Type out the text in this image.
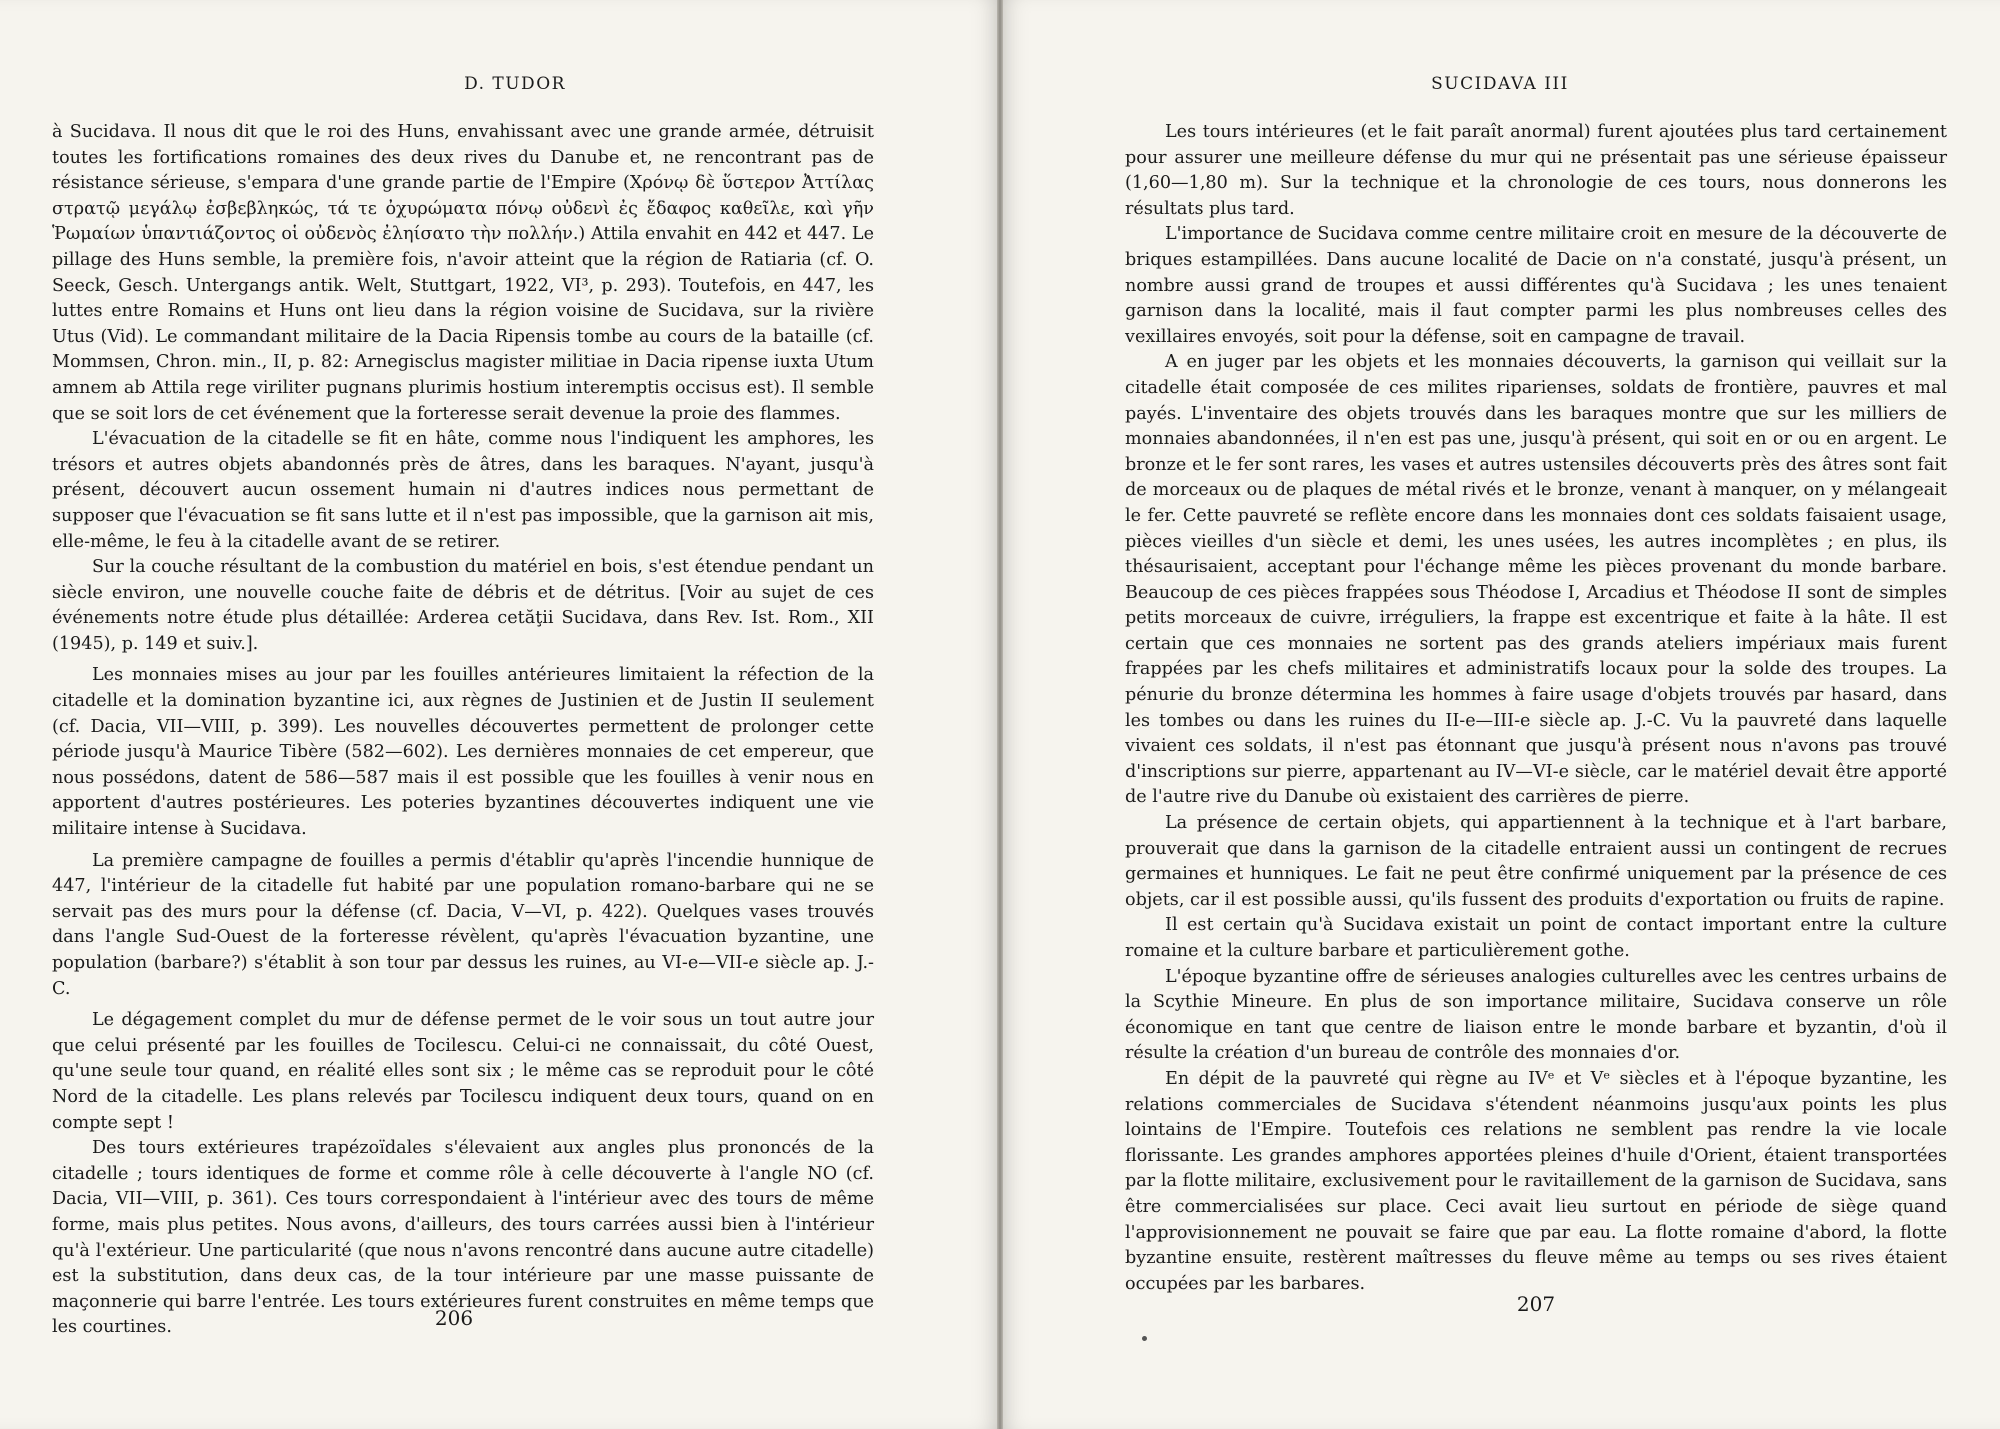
D. TUDOR

à Sucidava. Il nous dit que le roi des Huns, envahissant avec une grande armée, détruisit toutes les fortifications romaines des deux rives du Danube et, ne rencontrant pas de résistance sérieuse, s'empara d'une grande partie de l'Empire (Χρόνῳ δὲ ὕστερον Ἀττίλας στρατῷ μεγάλῳ ἐσβεβληκώς, τά τε ὀχυρώματα πόνῳ οὐδενὶ ἐς ἔδαφος καθεῖλε, καὶ γῆν Ῥωμαίων ὑπαντιάζοντος οἱ οὐδενὸς ἐληίσατο τὴν πολλήν.) Attila envahit en 442 et 447. Le pillage des Huns semble, la première fois, n'avoir atteint que la région de Ratiaria (cf. O. Seeck, Gesch. Untergangs antik. Welt, Stuttgart, 1922, VI³, p. 293). Toutefois, en 447, les luttes entre Romains et Huns ont lieu dans la région voisine de Sucidava, sur la rivière Utus (Vid). Le commandant militaire de la Dacia Ripensis tombe au cours de la bataille (cf. Mommsen, Chron. min., II, p. 82: Arnegisclus magister militiae in Dacia ripense iuxta Utum amnem ab Attila rege viriliter pugnans plurimis hostium interemptis occisus est). Il semble que se soit lors de cet événement que la forteresse serait devenue la proie des flammes.

L'évacuation de la citadelle se fit en hâte, comme nous l'indiquent les amphores, les trésors et autres objets abandonnés près de âtres, dans les baraques. N'ayant, jusqu'à présent, découvert aucun ossement humain ni d'autres indices nous permettant de supposer que l'évacuation se fit sans lutte et il n'est pas impossible, que la garnison ait mis, elle-même, le feu à la citadelle avant de se retirer.

Sur la couche résultant de la combustion du matériel en bois, s'est étendue pendant un siècle environ, une nouvelle couche faite de débris et de détritus. [Voir au sujet de ces événements notre étude plus détaillée: Arderea cetăţii Sucidava, dans Rev. Ist. Rom., XII (1945), p. 149 et suiv.].

Les monnaies mises au jour par les fouilles antérieures limitaient la réfection de la citadelle et la domination byzantine ici, aux règnes de Justinien et de Justin II seulement (cf. Dacia, VII—VIII, p. 399). Les nouvelles découvertes permettent de prolonger cette période jusqu'à Maurice Tibère (582—602). Les dernières monnaies de cet empereur, que nous possédons, datent de 586—587 mais il est possible que les fouilles à venir nous en apportent d'autres postérieures. Les poteries byzantines découvertes indiquent une vie militaire intense à Sucidava.

La première campagne de fouilles a permis d'établir qu'après l'incendie hunnique de 447, l'intérieur de la citadelle fut habité par une population romano-barbare qui ne se servait pas des murs pour la défense (cf. Dacia, V—VI, p. 422). Quelques vases trouvés dans l'angle Sud-Ouest de la forteresse révèlent, qu'après l'évacuation byzantine, une population (barbare?) s'établit à son tour par dessus les ruines, au VI-e—VII-e siècle ap. J.-C.

Le dégagement complet du mur de défense permet de le voir sous un tout autre jour que celui présenté par les fouilles de Tocilescu. Celui-ci ne connaissait, du côté Ouest, qu'une seule tour quand, en réalité elles sont six ; le même cas se reproduit pour le côté Nord de la citadelle. Les plans relevés par Tocilescu indiquent deux tours, quand on en compte sept !

Des tours extérieures trapézoïdales s'élevaient aux angles plus prononcés de la citadelle ; tours identiques de forme et comme rôle à celle découverte à l'angle NO (cf. Dacia, VII—VIII, p. 361). Ces tours correspondaient à l'intérieur avec des tours de même forme, mais plus petites. Nous avons, d'ailleurs, des tours carrées aussi bien à l'intérieur qu'à l'extérieur. Une particularité (que nous n'avons rencontré dans aucune autre citadelle) est la substitution, dans deux cas, de la tour intérieure par une masse puissante de maçonnerie qui barre l'entrée. Les tours extérieures furent construites en même temps que les courtines.	206
SUCIDAVA III

Les tours intérieures (et le fait paraît anormal) furent ajoutées plus tard certainement pour assurer une meilleure défense du mur qui ne présentait pas une sérieuse épaisseur (1,60—1,80 m). Sur la technique et la chronologie de ces tours, nous donnerons les résultats plus tard.

L'importance de Sucidava comme centre militaire croit en mesure de la découverte de briques estampillées. Dans aucune localité de Dacie on n'a constaté, jusqu'à présent, un nombre aussi grand de troupes et aussi différentes qu'à Sucidava ; les unes tenaient garnison dans la localité, mais il faut compter parmi les plus nombreuses celles des vexillaires envoyés, soit pour la défense, soit en campagne de travail.

A en juger par les objets et les monnaies découverts, la garnison qui veillait sur la citadelle était composée de ces milites riparienses, soldats de frontière, pauvres et mal payés. L'inventaire des objets trouvés dans les baraques montre que sur les milliers de monnaies abandonnées, il n'en est pas une, jusqu'à présent, qui soit en or ou en argent. Le bronze et le fer sont rares, les vases et autres ustensiles découverts près des âtres sont fait de morceaux ou de plaques de métal rivés et le bronze, venant à manquer, on y mélangeait le fer. Cette pauvreté se reflète encore dans les monnaies dont ces soldats faisaient usage, pièces vieilles d'un siècle et demi, les unes usées, les autres incomplètes ; en plus, ils thésaurisaient, acceptant pour l'échange même les pièces provenant du monde barbare. Beaucoup de ces pièces frappées sous Théodose I, Arcadius et Théodose II sont de simples petits morceaux de cuivre, irréguliers, la frappe est excentrique et faite à la hâte. Il est certain que ces monnaies ne sortent pas des grands ateliers impériaux mais furent frappées par les chefs militaires et administratifs locaux pour la solde des troupes. La pénurie du bronze détermina les hommes à faire usage d'objets trouvés par hasard, dans les tombes ou dans les ruines du II-e—III-e siècle ap. J.-C. Vu la pauvreté dans laquelle vivaient ces soldats, il n'est pas étonnant que jusqu'à présent nous n'avons pas trouvé d'inscriptions sur pierre, appartenant au IV—VI-e siècle, car le matériel devait être apporté de l'autre rive du Danube où existaient des carrières de pierre.

La présence de certain objets, qui appartiennent à la technique et à l'art barbare, prouverait que dans la garnison de la citadelle entraient aussi un contingent de recrues germaines et hunniques. Le fait ne peut être confirmé uniquement par la présence de ces objets, car il est possible aussi, qu'ils fussent des produits d'exportation ou fruits de rapine.

Il est certain qu'à Sucidava existait un point de contact important entre la culture romaine et la culture barbare et particulièrement gothe.

L'époque byzantine offre de sérieuses analogies culturelles avec les centres urbains de la Scythie Mineure. En plus de son importance militaire, Sucidava conserve un rôle économique en tant que centre de liaison entre le monde barbare et byzantin, d'où il résulte la création d'un bureau de contrôle des monnaies d'or.

En dépit de la pauvreté qui règne au IVᵉ et Vᵉ siècles et à l'époque byzantine, les relations commerciales de Sucidava s'étendent néanmoins jusqu'aux points les plus lointains de l'Empire. Toutefois ces relations ne semblent pas rendre la vie locale florissante. Les grandes amphores apportées pleines d'huile d'Orient, étaient transportées par la flotte militaire, exclusivement pour le ravitaillement de la garnison de Sucidava, sans être commercialisées sur place. Ceci avait lieu surtout en période de siège quand l'approvisionnement ne pouvait se faire que par eau. La flotte romaine d'abord, la flotte byzantine ensuite, restèrent maîtresses du fleuve même au temps ou ses rives étaient occupées par les barbares.

207
